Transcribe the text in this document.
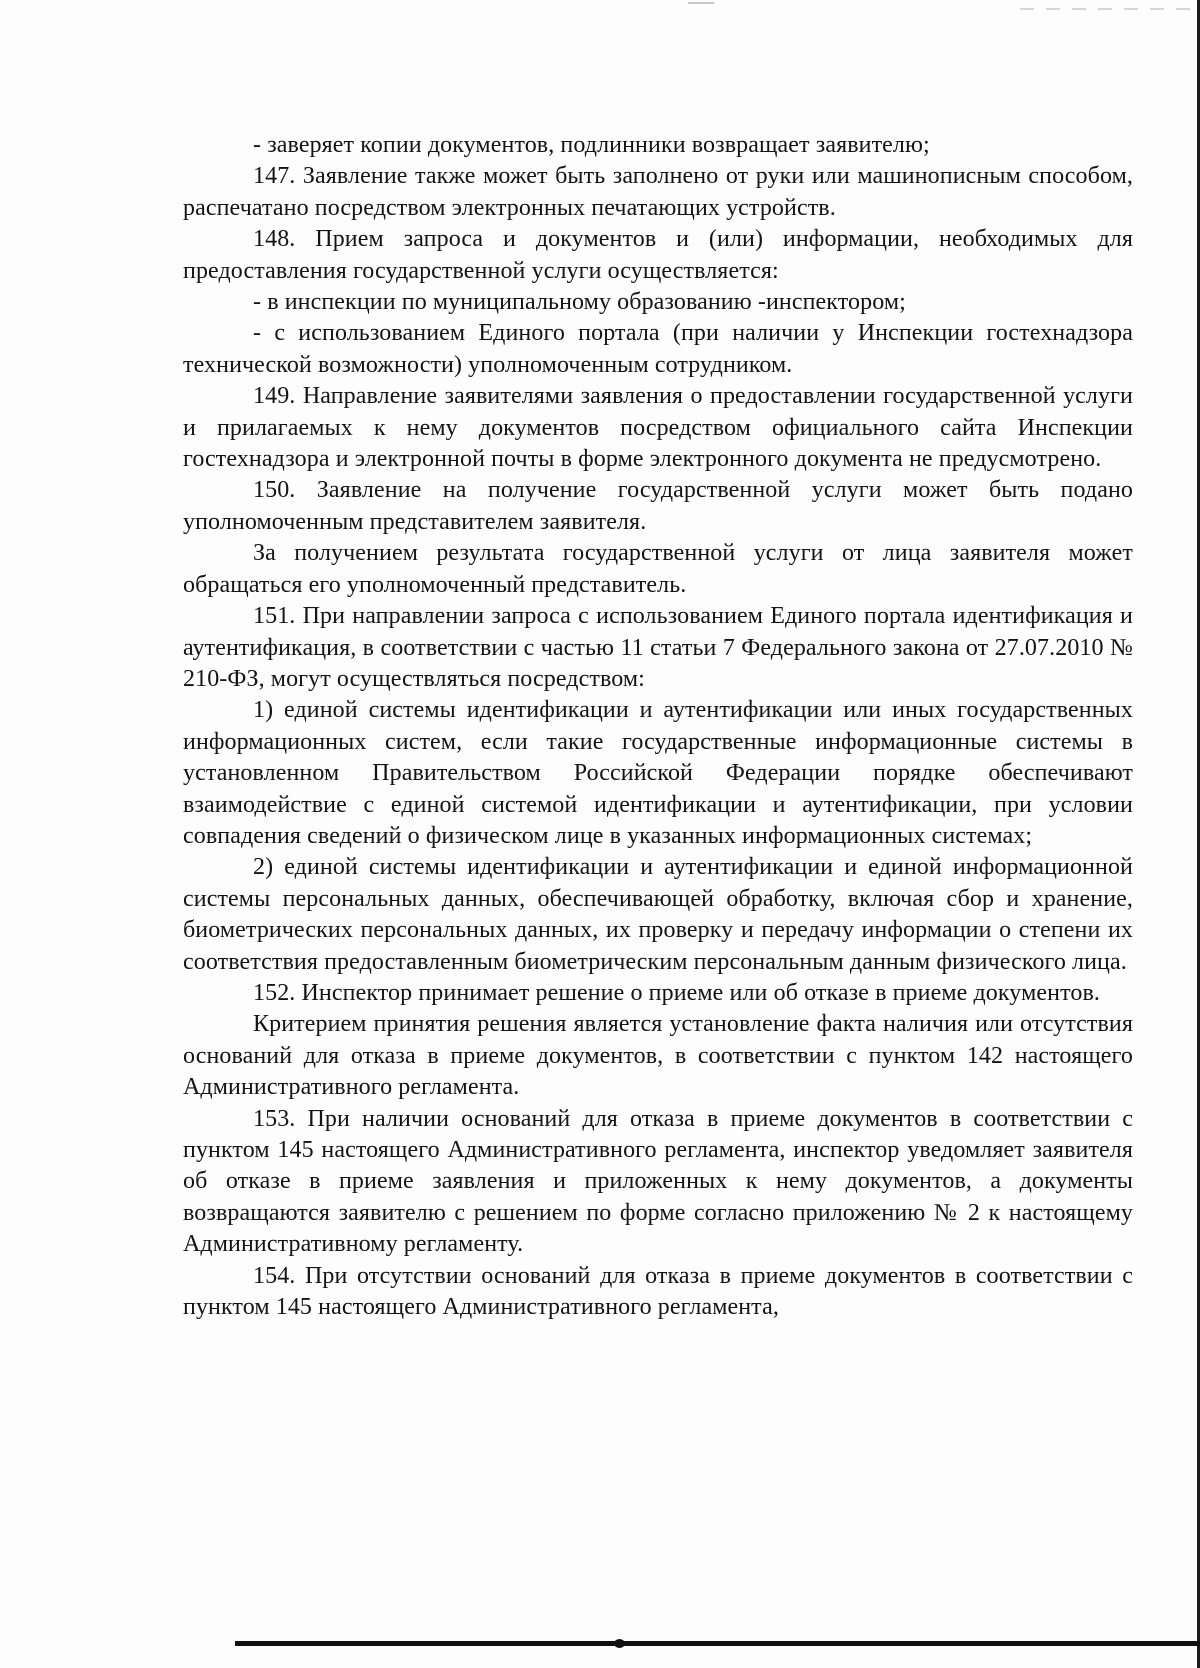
- заверяет копии документов, подлинники возвращает заявителю;

147. Заявление также может быть заполнено от руки или машинописным способом, распечатано посредством электронных печатающих устройств.

148. Прием запроса и документов и (или) информации, необходимых для предоставления государственной услуги осуществляется:

- в инспекции по муниципальному образованию -инспектором;

- с использованием Единого портала (при наличии у Инспекции гостехнадзора технической возможности) уполномоченным сотрудником.

149. Направление заявителями заявления о предоставлении государственной услуги и прилагаемых к нему документов посредством официального сайта Инспекции гостехнадзора и электронной почты в форме электронного документа не предусмотрено.

150. Заявление на получение государственной услуги может быть подано уполномоченным представителем заявителя.

За получением результата государственной услуги от лица заявителя может обращаться его уполномоченный представитель.

151. При направлении запроса с использованием Единого портала идентификация и аутентификация, в соответствии с частью 11 статьи 7 Федерального закона от 27.07.2010 № 210-ФЗ, могут осуществляться посредством:

1) единой системы идентификации и аутентификации или иных государственных информационных систем, если такие государственные информационные системы в установленном Правительством Российской Федерации порядке обеспечивают взаимодействие с единой системой идентификации и аутентификации, при условии совпадения сведений о физическом лице в указанных информационных системах;

2) единой системы идентификации и аутентификации и единой информационной системы персональных данных, обеспечивающей обработку, включая сбор и хранение, биометрических персональных данных, их проверку и передачу информации о степени их соответствия предоставленным биометрическим персональным данным физического лица.

152. Инспектор принимает решение о приеме или об отказе в приеме документов.

Критерием принятия решения является установление факта наличия или отсутствия оснований для отказа в приеме документов, в соответствии с пунктом 142 настоящего Административного регламента.

153. При наличии оснований для отказа в приеме документов в соответствии с пунктом 145 настоящего Административного регламента, инспектор уведомляет заявителя об отказе в приеме заявления и приложенных к нему документов, а документы возвращаются заявителю с решением по форме согласно приложению № 2 к настоящему Административному регламенту.

154. При отсутствии оснований для отказа в приеме документов в соответствии с пунктом 145 настоящего Административного регламента,
